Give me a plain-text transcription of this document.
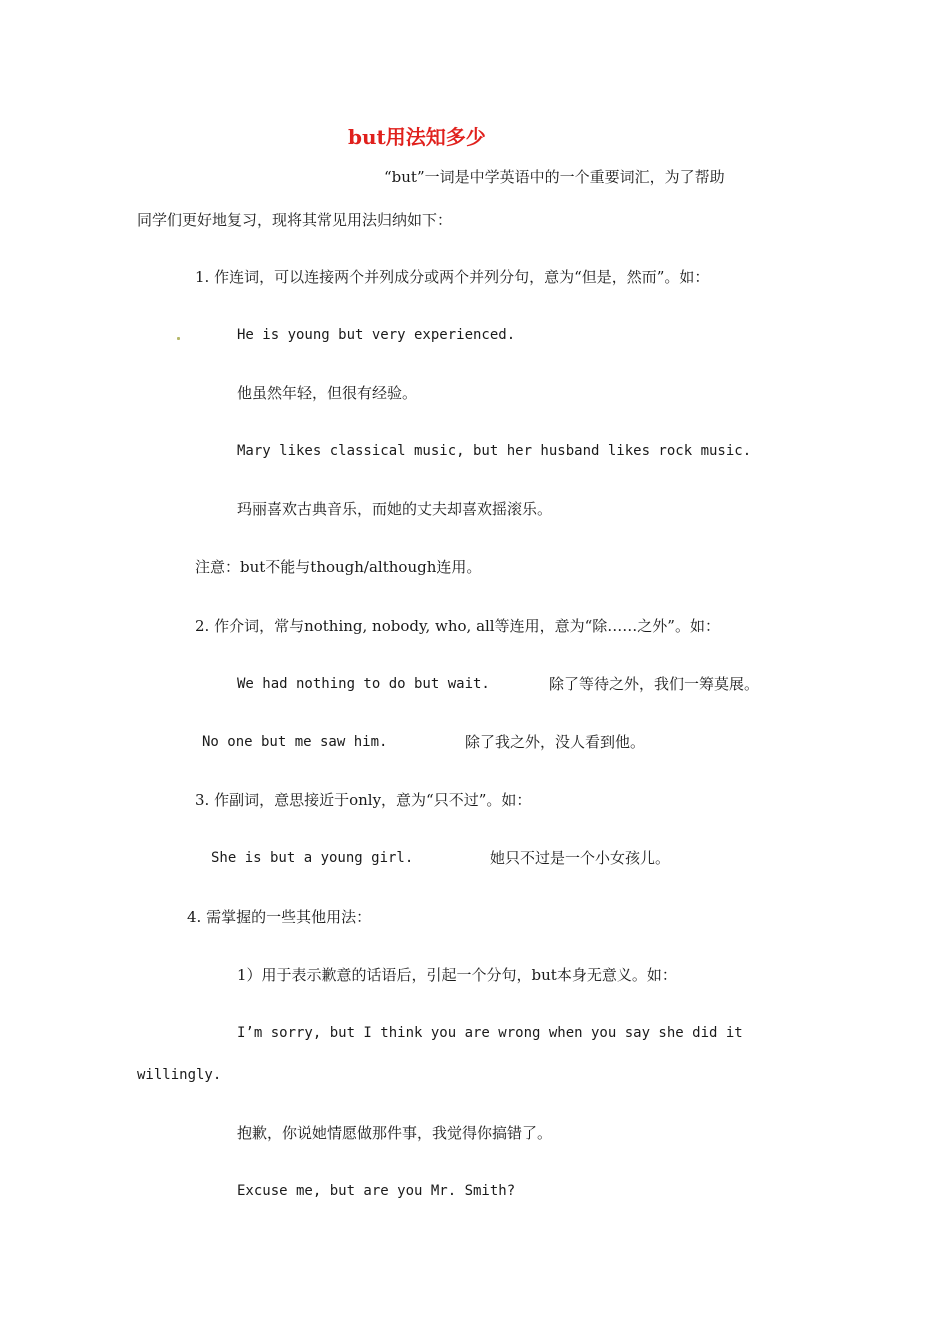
but用法知多少
“but”一词是中学英语中的一个重要词汇，为了帮助
同学们更好地复习，现将其常见用法归纳如下：
1. 作连词，可以连接两个并列成分或两个并列分句，意为“但是，然而”。如：
He is young but very experienced.
他虽然年轻，但很有经验。
Mary likes classical music, but her husband likes rock music.
玛丽喜欢古典音乐，而她的丈夫却喜欢摇滚乐。
注意：but不能与though/although连用。
2. 作介词，常与nothing, nobody, who, all等连用，意为“除……之外”。如：
We had nothing to do but wait.	除了等待之外，我们一筹莫展。
No one but me saw him.	除了我之外，没人看到他。
3. 作副词，意思接近于only，意为“只不过”。如：
She is but a young girl.	她只不过是一个小女孩儿。
4. 需掌握的一些其他用法：
1）用于表示歉意的话语后，引起一个分句，but本身无意义。如：
I’m sorry, but I think you are wrong when you say she did it
willingly.
抱歉，你说她情愿做那件事，我觉得你搞错了。
Excuse me, but are you Mr. Smith?
